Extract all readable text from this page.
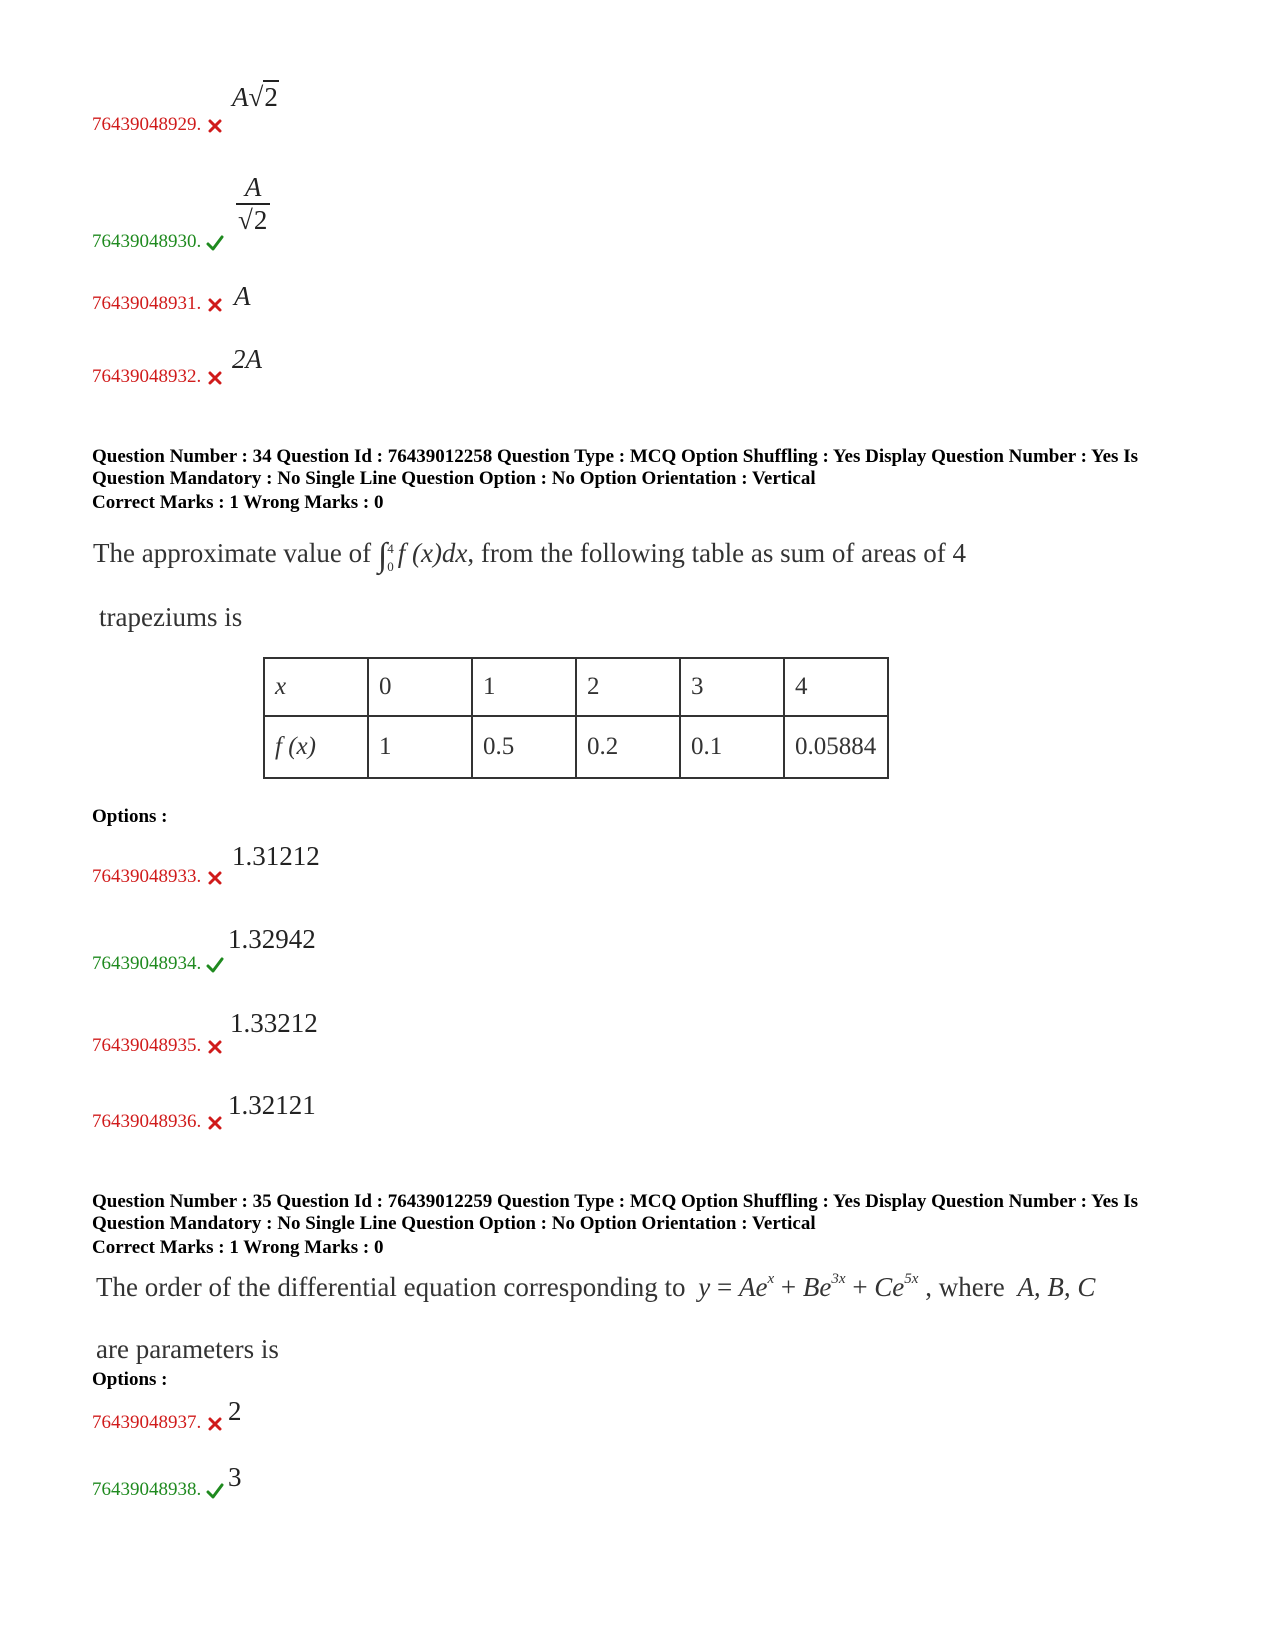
76439048929.
A√2
76439048930.
$\frac{A}{√2}$
76439048931.	A
76439048932.
2A
Question Number : 34 Question Id : 76439012258 Question Type : MCQ Option Shuffling : Yes Display Question Number : Yes Is Question Mandatory : No Single Line Question Option : No Option Orientation : Vertical
Correct Marks : 1 Wrong Marks : 0
The approximate value of ∫ 4
0 f (x)dx, from the following table as sum of areas of 4
trapeziums is
x	0	1	2	3	4
f (x)	1	0.5	0.2	0.1	0.05884
Options :
76439048933.
1.31212
76439048934.
1.32942
76439048935.
1.33212
76439048936.
1.32121
Question Number : 35 Question Id : 76439012259 Question Type : MCQ Option Shuffling : Yes Display Question Number : Yes Is Question Mandatory : No Single Line Question Option : No Option Orientation : Vertical
Correct Marks : 1 Wrong Marks : 0
The order of the differential equation corresponding to $y = Ae^x + Be^{3x} + Ce^{5x}$ , where A, B, C
are parameters is
Options :
76439048937. 2
76439048938. 3
